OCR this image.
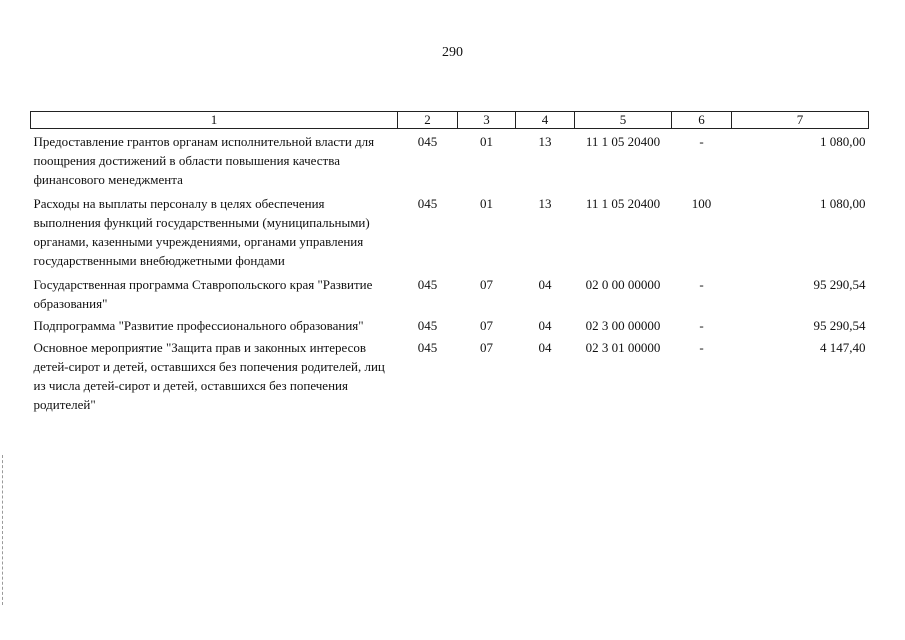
290
1	2	3	4	5	6	7
Предоставление грантов органам исполнительной власти для поощрения достижений в области повышения качества финансового менеджмента	045	01	13	11 1 05 20400	-	1 080,00
Расходы на выплаты персоналу в целях обеспечения выполнения функций государственными (муниципальными) органами, казенными учреждениями, органами управления государственными внебюджетными фондами	045	01	13	11 1 05 20400	100	1 080,00
Государственная программа Ставропольского края "Развитие образования"	045	07	04	02 0 00 00000	-	95 290,54
Подпрограмма "Развитие профессионального образования"	045	07	04	02 3 00 00000	-	95 290,54
Основное мероприятие "Защита прав и законных интересов детей-сирот и детей, оставшихся без попечения родителей, лиц из числа детей-сирот и детей, оставшихся без попечения родителей"	045	07	04	02 3 01 00000	-	4 147,40
